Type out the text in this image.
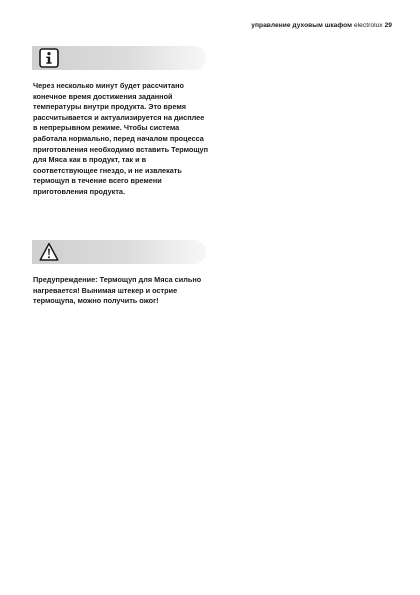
управление духовым шкафом electrolux 29

Через несколько минут будет рассчитано конечное время достижения заданной температуры внутри продукта. Это время рассчитывается и актуализируется на дисплее в непрерывном режиме. Чтобы система работала нормально, перед началом процесса приготовления необходимо вставить Термощуп для Мяса как в продукт, так и в соответствующее гнездо, и не извлекать термощуп в течение всего времени приготовления продукта.

Предупреждение: Термощуп для Мяса сильно нагревается! Вынимая штекер и острие термощупа, можно получить ожог!
